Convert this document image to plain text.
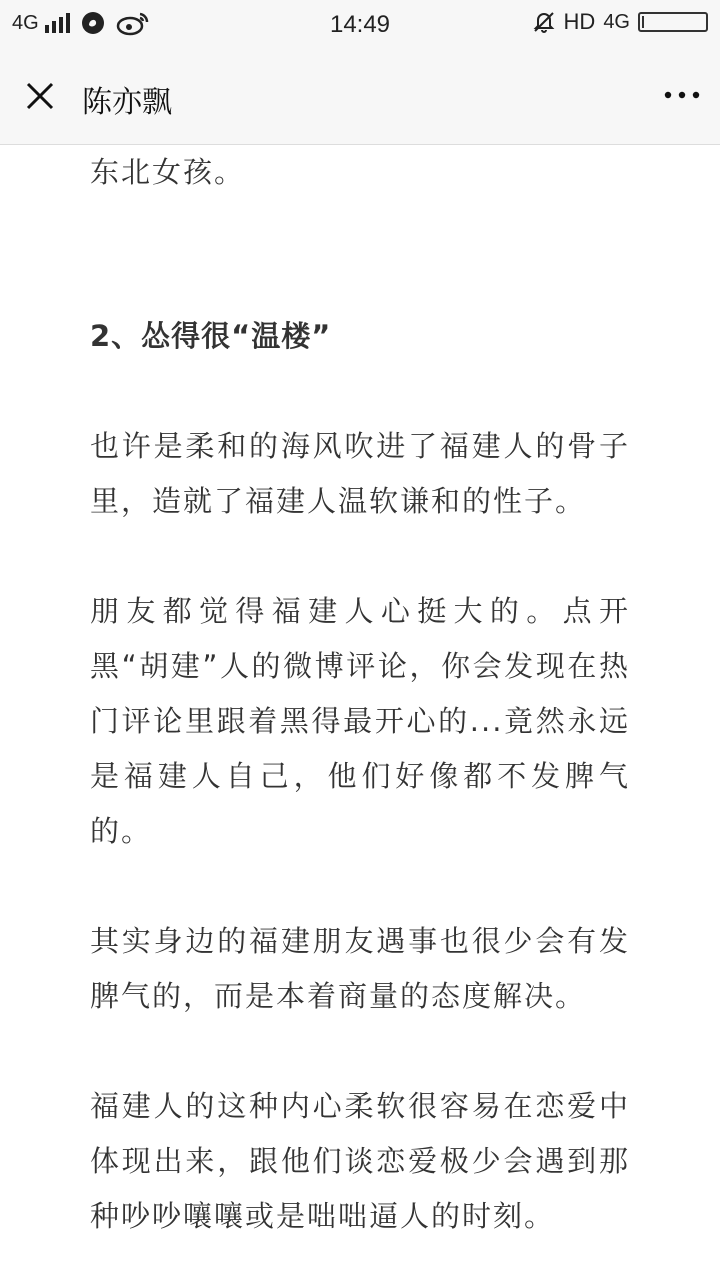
4G	14:49	HD 4G
陈亦飘

东北女孩。

2、怂得很“温楼”

也许是柔和的海风吹进了福建人的骨子里，造就了福建人温软谦和的性子。

朋友都觉得福建人心挺大的。点开黑“胡建”人的微博评论，你会发现在热门评论里跟着黑得最开心的...竟然永远是福建人自己，他们好像都不发脾气的。

其实身边的福建朋友遇事也很少会有发脾气的，而是本着商量的态度解决。

福建人的这种内心柔软很容易在恋爱中体现出来，跟他们谈恋爱极少会遇到那种吵吵嚷嚷或是咄咄逼人的时刻。
